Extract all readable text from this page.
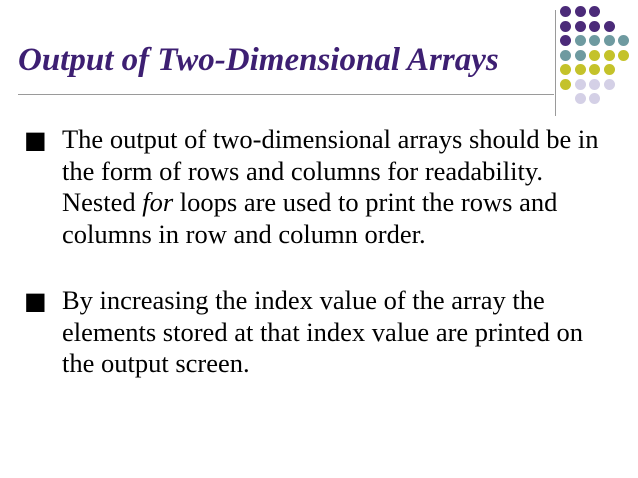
Output of Two-Dimensional Arrays
■ The output of two-dimensional arrays should be in the form of rows and columns for readability. Nested for loops are used to print the rows and columns in row and column order.
■ By increasing the index value of the array the elements stored at that index value are printed on the output screen.
